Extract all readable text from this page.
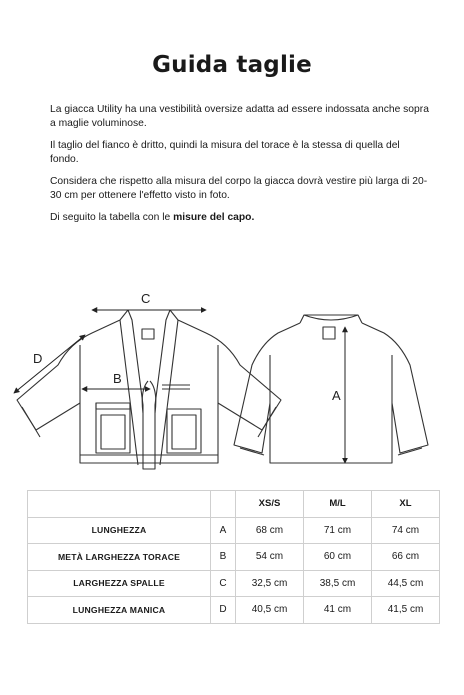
Guida taglie

La giacca Utility ha una vestibilità oversize adatta ad essere indossata anche sopra a maglie voluminose.

Il taglio del fianco è dritto, quindi la misura del torace è la stessa di quella del fondo.

Considera che rispetto alla misura del corpo la giacca dovrà vestire più larga di 20-30 cm per ottenere l'effetto visto in foto.

Di seguito la tabella con le misure del capo.

C
D
B
A
		XS/S	M/L	XL
LUNGHEZZA	A	68 cm	71 cm	74 cm
METÀ LARGHEZZA TORACE	B	54 cm	60 cm	66 cm
LARGHEZZA SPALLE	C	32,5 cm	38,5 cm	44,5 cm
LUNGHEZZA MANICA	D	40,5 cm	41 cm	41,5 cm
